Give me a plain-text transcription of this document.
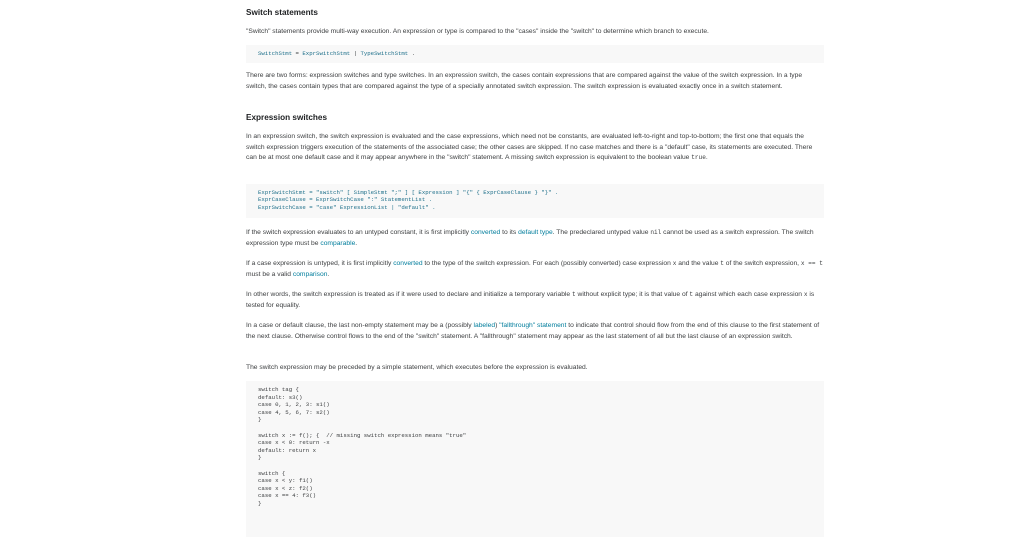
Switch statements

"Switch" statements provide multi-way execution. An expression or type is compared to the "cases" inside the "switch" to determine which branch to execute.

SwitchStmt = ExprSwitchStmt | TypeSwitchStmt .

There are two forms: expression switches and type switches. In an expression switch, the cases contain expressions that are compared against the value of the switch expression. In a type switch, the cases contain types that are compared against the type of a specially annotated switch expression. The switch expression is evaluated exactly once in a switch statement.

Expression switches

In an expression switch, the switch expression is evaluated and the case expressions, which need not be constants, are evaluated left-to-right and top-to-bottom; the first one that equals the switch expression triggers execution of the statements of the associated case; the other cases are skipped. If no case matches and there is a "default" case, its statements are executed. There can be at most one default case and it may appear anywhere in the "switch" statement. A missing switch expression is equivalent to the boolean value true.

ExprSwitchStmt = "switch" [ SimpleStmt ";" ] [ Expression ] "{" { ExprCaseClause } "}" .
ExprCaseClause = ExprSwitchCase ":" StatementList .
ExprSwitchCase = "case" ExpressionList | "default" .

If the switch expression evaluates to an untyped constant, it is first implicitly converted to its default type. The predeclared untyped value nil cannot be used as a switch expression. The switch expression type must be comparable.

If a case expression is untyped, it is first implicitly converted to the type of the switch expression. For each (possibly converted) case expression x and the value t of the switch expression, x == t must be a valid comparison.

In other words, the switch expression is treated as if it were used to declare and initialize a temporary variable t without explicit type; it is that value of t against which each case expression x is tested for equality.

In a case or default clause, the last non-empty statement may be a (possibly labeled) "fallthrough" statement to indicate that control should flow from the end of this clause to the first statement of the next clause. Otherwise control flows to the end of the "switch" statement. A "fallthrough" statement may appear as the last statement of all but the last clause of an expression switch.

The switch expression may be preceded by a simple statement, which executes before the expression is evaluated.

switch tag {
default: s3()
case 0, 1, 2, 3: s1()
case 4, 5, 6, 7: s2()
}

switch x := f(); {  // missing switch expression means "true"
case x < 0: return -x
default: return x
}

switch {
case x < y: f1()
case x < z: f2()
case x == 4: f3()
}
